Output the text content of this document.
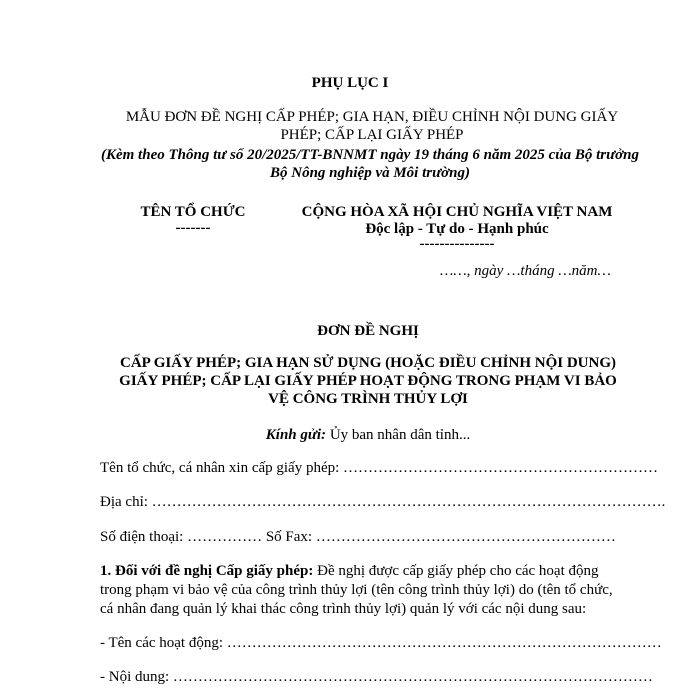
PHỤ LỤC I
MẪU ĐƠN ĐỀ NGHỊ CẤP PHÉP; GIA HẠN, ĐIỀU CHỈNH NỘI DUNG GIẤY
PHÉP; CẤP LẠI GIẤY PHÉP
(Kèm theo Thông tư số 20/2025/TT-BNNMT ngày 19 tháng 6 năm 2025 của Bộ trưởng
Bộ Nông nghiệp và Môi trường)
TÊN TỔ CHỨC
-------
CỘNG HÒA XÃ HỘI CHỦ NGHĨA VIỆT NAM
Độc lập - Tự do - Hạnh phúc
---------------
……, ngày …tháng …năm…
ĐƠN ĐỀ NGHỊ
CẤP GIẤY PHÉP; GIA HẠN SỬ DỤNG (HOẶC ĐIỀU CHỈNH NỘI DUNG)
GIẤY PHÉP; CẤP LẠI GIẤY PHÉP HOẠT ĐỘNG TRONG PHẠM VI BẢO
VỆ CÔNG TRÌNH THỦY LỢI
Kính gửi: Ủy ban nhân dân tỉnh...
Tên tổ chức, cá nhân xin cấp giấy phép: ………………………………………………………
Địa chỉ: ………………………………………………………………………………………….
Số điện thoại: …………… Số Fax: ……………………………………………………
1. Đối với đề nghị Cấp giấy phép: Đề nghị được cấp giấy phép cho các hoạt động
trong phạm vi bảo vệ của công trình thủy lợi (tên công trình thủy lợi) do (tên tổ chức,
cá nhân đang quản lý khai thác công trình thủy lợi) quản lý với các nội dung sau:
- Tên các hoạt động: ……………………………………………………………………………
- Nội dung: ……………………………………………………………………………………
